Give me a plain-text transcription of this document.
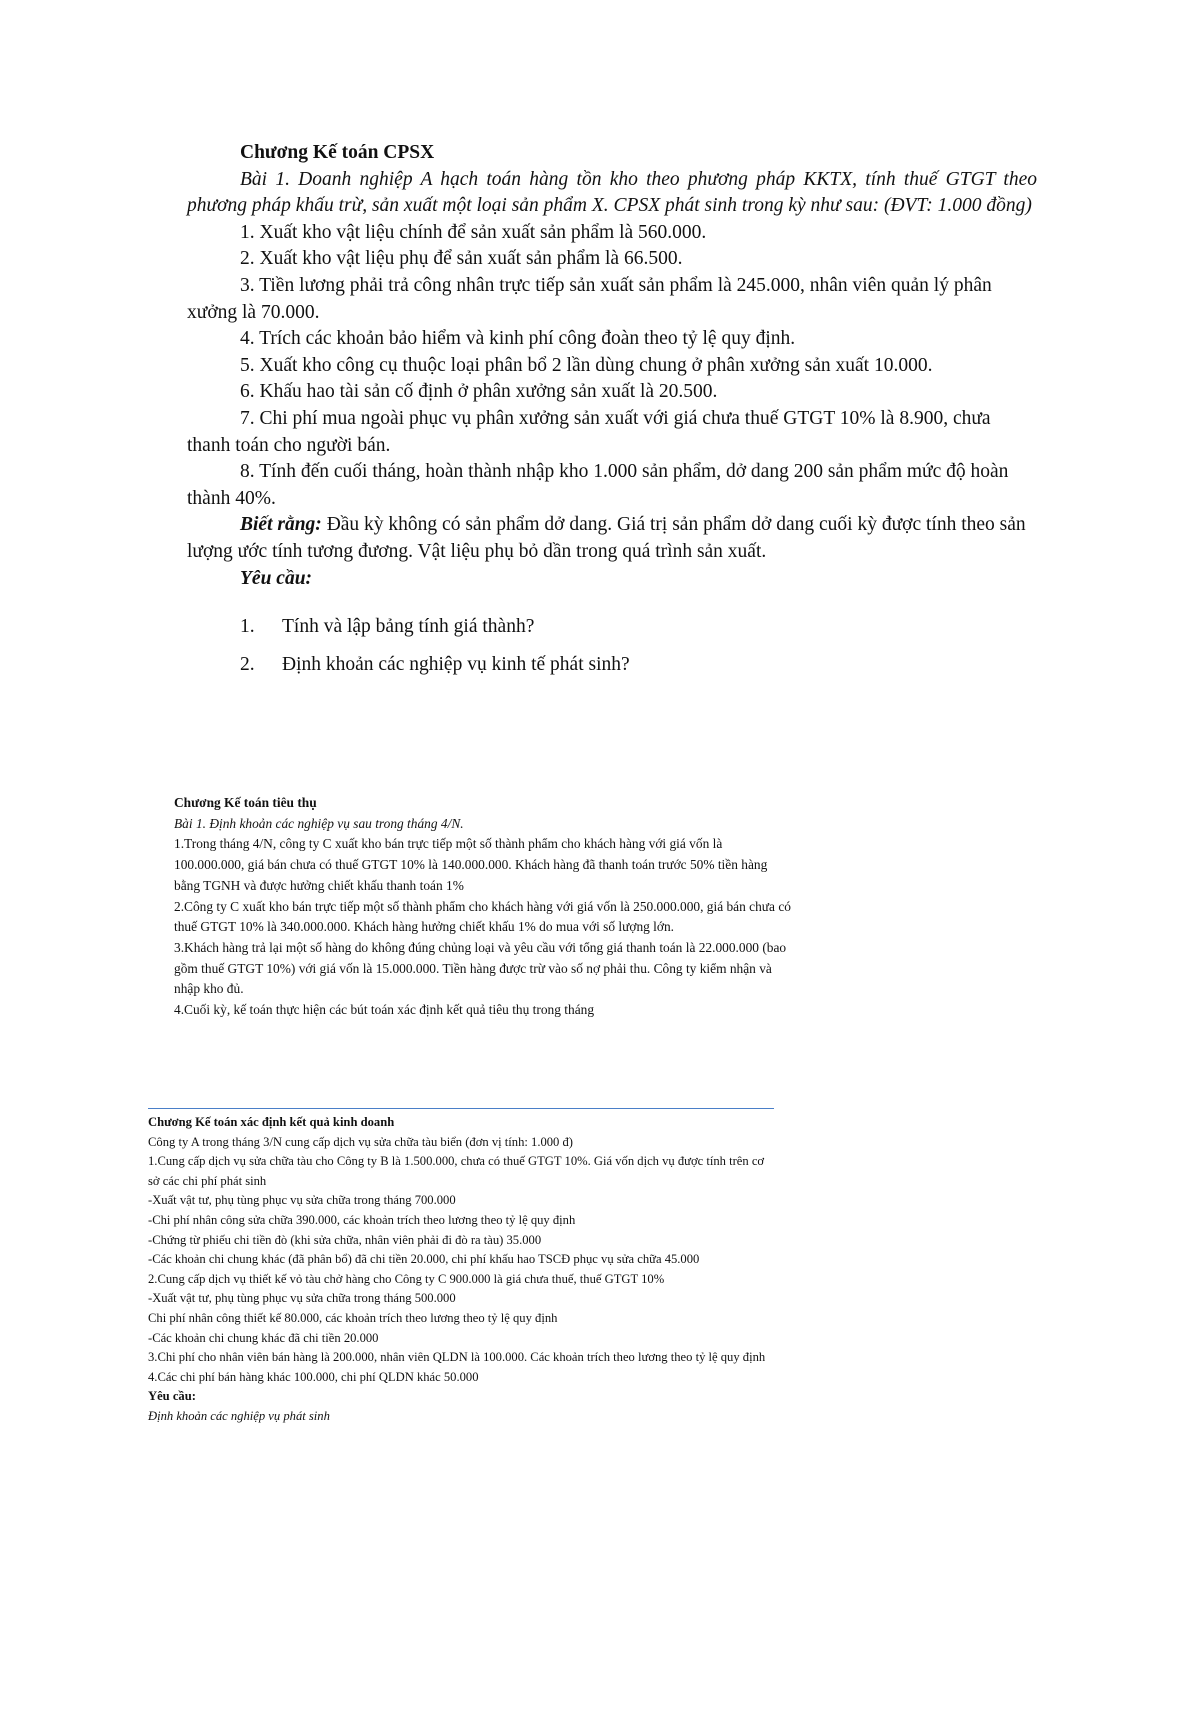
Chương Kế toán CPSX
Bài 1. Doanh nghiệp A hạch toán hàng tồn kho theo phương pháp KKTX, tính thuế GTGT theo phương pháp khấu trừ, sản xuất một loại sản phẩm X. CPSX phát sinh trong kỳ như sau: (ĐVT: 1.000 đồng)
1. Xuất kho vật liệu chính để sản xuất sản phẩm là 560.000.
2. Xuất kho vật liệu phụ để sản xuất sản phẩm là 66.500.
3. Tiền lương phải trả công nhân trực tiếp sản xuất sản phẩm là 245.000, nhân viên quản lý phân xưởng là 70.000.
4. Trích các khoản bảo hiểm và kinh phí công đoàn theo tỷ lệ quy định.
5. Xuất kho công cụ thuộc loại phân bổ 2 lần dùng chung ở phân xưởng sản xuất 10.000.
6. Khấu hao tài sản cố định ở phân xưởng sản xuất là 20.500.
7. Chi phí mua ngoài phục vụ phân xưởng sản xuất với giá chưa thuế GTGT 10% là 8.900, chưa thanh toán cho người bán.
8. Tính đến cuối tháng, hoàn thành nhập kho 1.000 sản phẩm, dở dang 200 sản phẩm mức độ hoàn thành 40%.
Biết rằng: Đầu kỳ không có sản phẩm dở dang. Giá trị sản phẩm dở dang cuối kỳ được tính theo sản lượng ước tính tương đương. Vật liệu phụ bỏ dần trong quá trình sản xuất.
Yêu cầu:
1.	Tính và lập bảng tính giá thành?
2.	Định khoản các nghiệp vụ kinh tế phát sinh?
Chương Kế toán tiêu thụ
Bài 1. Định khoản các nghiệp vụ sau trong tháng 4/N.
1.Trong tháng 4/N, công ty C xuất kho bán trực tiếp một số thành phẩm cho khách hàng với giá vốn là 100.000.000, giá bán chưa có thuế GTGT 10% là 140.000.000. Khách hàng đã thanh toán trước 50% tiền hàng bằng TGNH và được hưởng chiết khấu thanh toán 1%
2.Công ty C xuất kho bán trực tiếp một số thành phẩm cho khách hàng với giá vốn là 250.000.000, giá bán chưa có thuế GTGT 10% là 340.000.000. Khách hàng hưởng chiết khấu 1% do mua với số lượng lớn.
3.Khách hàng trả lại một số hàng do không đúng chủng loại và yêu cầu với tổng giá thanh toán là 22.000.000 (bao gồm thuế GTGT 10%) với giá vốn là 15.000.000. Tiền hàng được trừ vào số nợ phải thu. Công ty kiểm nhận và nhập kho đủ.
4.Cuối kỳ, kế toán thực hiện các bút toán xác định kết quả tiêu thụ trong tháng
Chương Kế toán xác định kết quả kinh doanh
Công ty A trong tháng 3/N cung cấp dịch vụ sửa chữa tàu biển (đơn vị tính: 1.000 đ)
1.Cung cấp dịch vụ sửa chữa tàu cho Công ty B là 1.500.000, chưa có thuế GTGT 10%. Giá vốn dịch vụ được tính trên cơ sở các chi phí phát sinh
-Xuất vật tư, phụ tùng phục vụ sửa chữa trong tháng 700.000
-Chi phí nhân công sửa chữa 390.000, các khoản trích theo lương theo tỷ lệ quy định
-Chứng từ phiếu chi tiền đò (khi sửa chữa, nhân viên phải đi đò ra tàu) 35.000
-Các khoản chi chung khác (đã phân bổ) đã chi tiền 20.000, chi phí khấu hao TSCĐ phục vụ sửa chữa 45.000
2.Cung cấp dịch vụ thiết kế vỏ tàu chở hàng cho Công ty C 900.000 là giá chưa thuế, thuế GTGT 10%
-Xuất vật tư, phụ tùng phục vụ sửa chữa trong tháng 500.000
Chi phí nhân công thiết kế 80.000, các khoản trích theo lương theo tỷ lệ quy định
-Các khoản chi chung khác đã chi tiền 20.000
3.Chi phí cho nhân viên bán hàng là 200.000, nhân viên QLDN là 100.000. Các khoản trích theo lương theo tỷ lệ quy định
4.Các chi phí bán hàng khác 100.000, chi phí QLDN khác 50.000
Yêu cầu:
Định khoản các nghiệp vụ phát sinh
